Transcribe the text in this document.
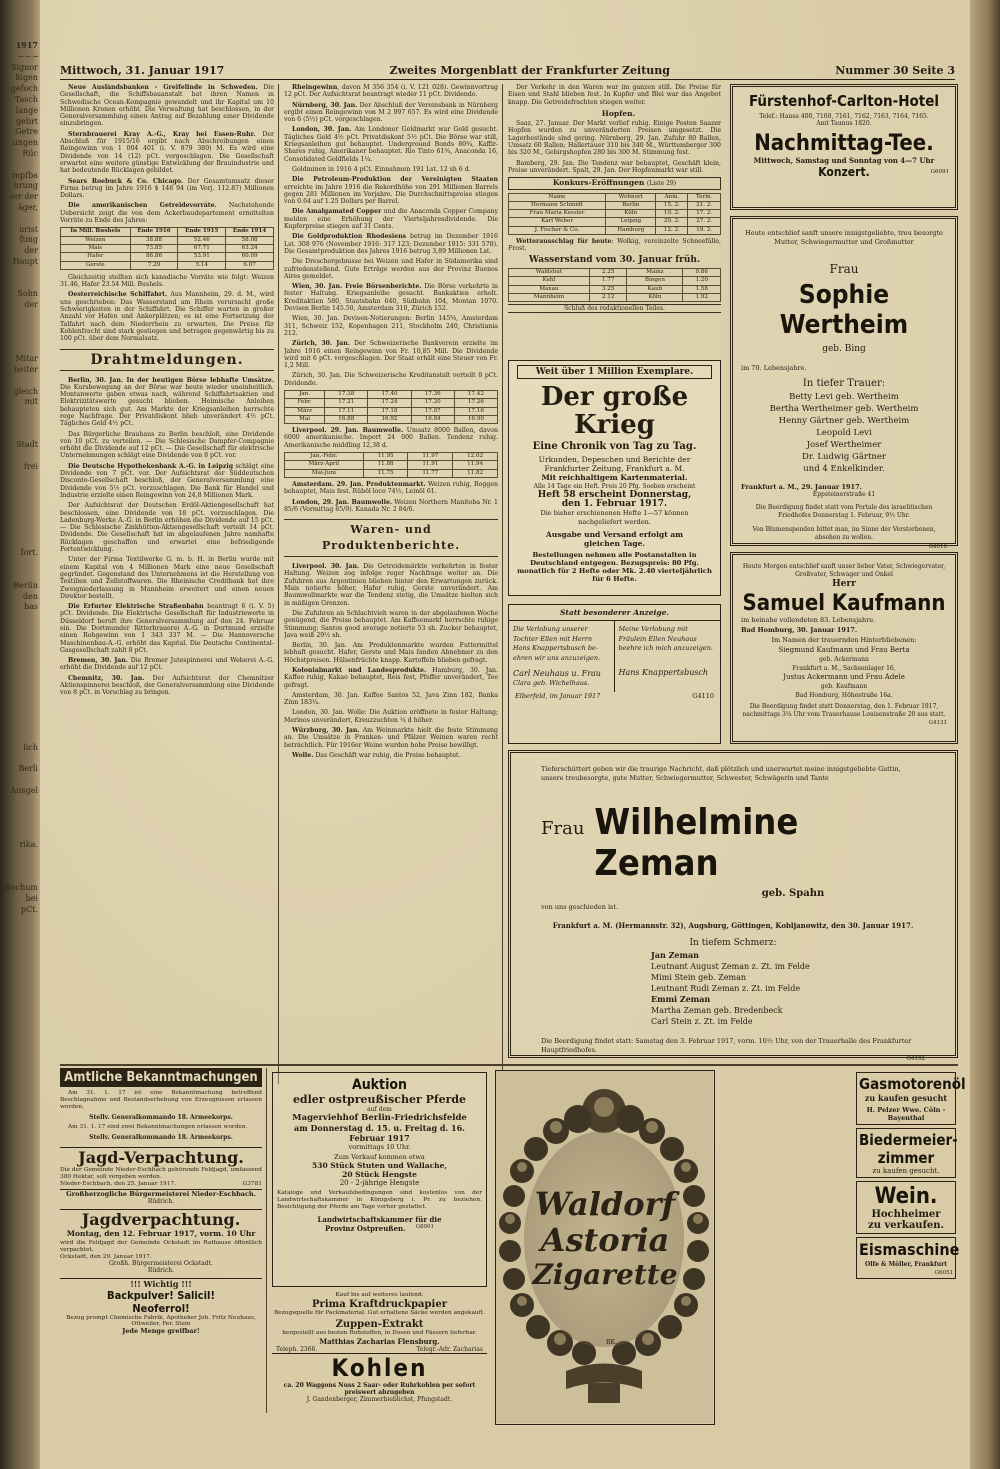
1917
─ ─ ─
Signor
ßigen
gefoch
Tasch
lange
gebrt
Getre
ungen
Rüc

mpfba
hrung
ser der
äger,

urist
fung
der
Haupt

Sohn
der

Mitar
beiter

gleich
mit

Stadt

frei

fort.

Berlin
den
bas

lich

Berli

Ausgel

rika.

Bochum
bei
pCt.
Mittwoch, 31. Januar 1917	Zweites Morgenblatt der Frankfurter Zeitung	Nummer 30 Seite 3

Neue Ausländsbanken - Greifelinde in Schweden. Die Gesellschaft, die Schiffsbauanstalt hat ihren Namen in Schwedische Ocean-Kompagnie gewandelt und ihr Kapital um 10 Millionen Kronen erhöht. Die Verwaltung hat beschlossen, in der Generalversammlung einen Antrag auf Bezahlung einer Dividende einzubringen.

Sternbrauerei Kray A.-G., Kray bei Essen-Ruhr. Der Abschluß für 1915/16 ergibt nach Abschreibungen einen Reingewinn von 1 004 401 (i. V. 879 380) M. Es wird eine Dividende von 14 (12) pCt. vorgeschlagen. Die Gesellschaft erwartet eine weitere günstige Entwicklung der Brauindustrie und hat bedeutende Rücklagen gebildet.

Sears Roebuck & Co. Chicago. Der Gesamtumsatz dieser Firma betrug im Jahre 1916 $ 146 94 (im Vorj. 112.87) Millionen Dollars.

Die amerikanischen Getreidevorräte. Nachstehende Uebersicht zeigt die von dem Ackerbaudepartement ermittelten Vorräte zu Ende des Jahres:

In Mill. Bushels	Ende 1916	Ende 1915	Ende 1914
Weizen	38.88	52.46	58.08
Mais	73.85	67.71	63.24
Hafer	86.86	53.91	60.09
Gerste	7.29	5.14	6.07

Gleichzeitig stellten sich kanadische Vorräte wie folgt: Weizen 31.46, Hafer 23.54 Mill. Bushels.

Oesterreichische Schiffahrt. Aus Mannheim, 29. d. M., wird uns geschrieben: Das Wasserstand am Rhein verursacht große Schwierigkeiten in der Schiffahrt. Die Schiffer warten in großer Anzahl vor Hafen und Ankerplätzen; es ist eine Fortsetzung der Talfahrt nach dem Niederrhein zu erwarten. Die Preise für Kohlenfracht sind stark gestiegen und betragen gegenwärtig bis zu 100 pCt. über dem Normalsatz.

Drahtmeldungen.

Berlin, 30. Jan. In der heutigen Börse lebhafte Umsätze. Die Kursbewegung an der Börse war heute wieder uneinheitlich. Montanwerte gaben etwas nach, während Schiffahrtsaktien und Elektrizitätswerte gesucht blieben. Heimische Anleihen behaupteten sich gut. Am Markte der Kriegsanleihen herrschte rege Nachfrage. Der Privatdiskont blieb unverändert 4½ pCt. Tägliches Geld 4½ pCt.

Das Bürgerliche Brauhaus zu Berlin beschloß, eine Dividende von 10 pCt. zu verteilen. — Die Schlesische Dampfer-Compagnie erhöht die Dividende auf 12 pCt. — Die Gesellschaft für elektrische Unternehmungen schlägt eine Dividende von 8 pCt. vor.

Die Deutsche Hypothekenbank A.-G. in Leipzig schlägt eine Dividende von 7 pCt. vor. Der Aufsichtsrat der Süddeutschen Disconto-Gesellschaft beschloß, der Generalversammlung eine Dividende von 5½ pCt. vorzuschlagen. Die Bank für Handel und Industrie erzielte einen Reingewinn von 24,8 Millionen Mark.

Der Aufsichtsrat der Deutschen Erdöl-Aktiengesellschaft hat beschlossen, eine Dividende von 18 pCt. vorzuschlagen. Die Ladenburg-Werke A.-G. in Berlin erhöhen die Dividende auf 15 pCt. — Die Schlesische Zinkhütten-Aktiengesellschaft verteilt 14 pCt. Dividende. Die Gesellschaft hat im abgelaufenen Jahre namhafte Rücklagen geschaffen und erwartet eine befriedigende Fortentwicklung.

Unter der Firma Textilwerke G. m. b. H. in Berlin wurde mit einem Kapital von 4 Millionen Mark eine neue Gesellschaft gegründet. Gegenstand des Unternehmens ist die Herstellung von Textilien und Zellstoffwaren. Die Rheinische Creditbank hat ihre Zweigniederlassung in Mannheim erweitert und einen neuen Direktor bestellt.

Die Erfurter Elektrische Straßenbahn beantragt 6 (i. V. 5) pCt. Dividende. Die Elektrische Gesellschaft für Industriewerte in Düsseldorf beruft ihre Generalversammlung auf den 24. Februar ein. Die Dortmunder Ritterbrauerei A.-G. in Dortmund erzielte einen Rohgewinn von 1 343 337 M. — Die Hannoversche Maschinenbau-A.-G. erhöht das Kapital. Die Deutsche Continental-Gasgesellschaft zahlt 8 pCt.

Bremen, 30. Jan. Die Bremer Jutespinnerei und Weberei A.-G. erhöht die Dividende auf 12 pCt.

Chemnitz, 30. Jan. Der Aufsichtsrat der Chemnitzer Aktienspinnerei beschloß, der Generalversammlung eine Dividende von 8 pCt. in Vorschlag zu bringen.

Rheingewinn, davon M 356 354 (i. V. 121 028). Gewinnvortrag 12 pCt. Der Aufsichtsrat beantragt wieder 11 pCt. Dividende.

Nürnberg, 30. Jan. Der Abschluß der Vereinsbank in Nürnberg ergibt einen Reingewinn von M 2 997 657. Es wird eine Dividende von 6 (5½) pCt. vorgeschlagen.

London, 30. Jan. Am Londoner Geldmarkt war Geld gesucht. Tägliches Geld 4½ pCt. Privatdiskont 5½ pCt. Die Börse war still, Kriegsanleihen gut behauptet. Underground Bonds 80¾, Kaffir-Shares ruhig, Amerikaner behauptet. Rio Tinto 61¾, Anaconda 16, Consolidated Goldfields 1¼.

Goldminen in 1916 4 pCt. Einnahmen 191 Lst. 12 sh 6 d.

Die Petroleum-Produktion der Vereinigten Staaten erreichte im Jahre 1916 die Rekordhöhe von 291 Millionen Barrels gegen 281 Millionen im Vorjahre. Die Durchschnittspreise stiegen von 0.64 auf 1.25 Dollars per Barrel.

Die Amalgamated Copper und die Anaconda Copper Company melden eine Erhöhung der Vierteljahresdividende. Die Kupferpreise stiegen auf 31 Cents.

Die Goldproduktion Rhodesiens betrug im Dezember 1916 Lst. 308 976 (November 1916: 317 123; Dezember 1915: 331 570). Die Gesamtproduktion des Jahres 1916 betrug 3,89 Millionen Lst.

Die Dreschergebnisse bei Weizen und Hafer in Südamerika sind zufriedenstellend. Gute Erträge werden aus der Provinz Buenos Aires gemeldet.

Wien, 30. Jan. Freie Börsenberichte. Die Börse verkehrte in fester Haltung. Kriegsanleihe gesucht. Bankaktien erholt. Kreditaktien 580, Staatsbahn 640, Südbahn 104, Montan 1070. Devisen Berlin 145.50, Amsterdam 310, Zürich 152.

Wien, 30. Jan. Devisen-Notierungen: Berlin 145⅝, Amsterdam 311, Schweiz 152, Kopenhagen 211, Stockholm 240, Christiania 212.

Zürich, 30. Jan. Der Schweizerische Bankverein erzielte im Jahre 1916 einen Reingewinn von Fr. 10,85 Mill. Die Dividende wird mit 6 pCt. vorgeschlagen. Der Staat erhält eine Steuer von Fr. 1,2 Mill.

Zürich, 30. Jan. Die Schweizerische Kreditanstalt verteilt 8 pCt. Dividende.

Jan.	17.38	17.40	17.36	17.42
Febr.	17.21	17.24	17.20	17.26
März	17.11	17.18	17.07	17.16
Mai	16.88	16.92	16.84	16.90

Liverpool. 29. Jan. Baumwolle. Umsatz 8000 Ballen, davon 6000 amerikanische. Import 24 000 Ballen. Tendenz ruhig. Amerikanische middling 12,38 d.

Jan.-Febr.	11.95	11.97	12.02
März-April	11.88	11.91	11.94
Mai-Juni	11.75	11.77	11.82

Amsterdam. 29. Jan. Produktenmarkt. Weizen ruhig, Roggen behauptet, Mais fest. Rüböl loco 74½, Leinöl 61.

London, 29. Jan. Baumwolle. Weizen Northern Manitoba Nr. 1 85/6 (Vormittag 85/9). Kanada Nr. 2 84/6.

Waren- und Produktenberichte.

Liverpool. 30. Jan. Die Getreidemärkte verkehrten in fester Haltung. Weizen zog infolge reger Nachfrage weiter an. Die Zufuhren aus Argentinien blieben hinter den Erwartungen zurück. Mais notierte höher, Hafer ruhig, Gerste unverändert. Am Baumwollmarkte war die Tendenz stetig, die Umsätze hielten sich in mäßigen Grenzen.

Die Zufuhren an Schlachtvieh waren in der abgelaufenen Woche genügend, die Preise behauptet. Am Kaffeemarkt herrschte ruhige Stimmung; Santos good average notierte 53 sh. Zucker behauptet, Java weiß 29½ sh.

Berlin, 30. Jan. Am Produktenmarkte wurden Futtermittel lebhaft gesucht. Hafer, Gerste und Mais fanden Abnehmer zu den Höchstpreisen. Hülsenfrüchte knapp. Kartoffeln blieben gefragt.

Kolonialmarkt und Landesprodukte. Hamburg, 30. Jan. Kaffee ruhig, Kakao behauptet, Reis fest, Pfeffer unverändert, Tee gefragt.

Amsterdam, 30. Jan. Kaffee Santos 52, Java Zinn 182, Banka Zinn 183¼.

London, 30. Jan. Wolle: Die Auktion eröffnete in fester Haltung; Merinos unverändert, Kreuzzuchten ¼ d höher.

Würzburg, 30. Jan. Am Weinmarkte hielt die feste Stimmung an. Die Umsätze in Franken- und Pfälzer Weinen waren recht beträchtlich. Für 1916er Weine wurden hohe Preise bewilligt.

Wolle. Das Geschäft war ruhig, die Preise behauptet.

Der Verkehr in den Waren war im ganzen still. Die Preise für Eisen und Stahl blieben fest. In Kupfer und Blei war das Angebot knapp. Die Getreidefrachten stiegen weiter.

Hopfen.

Saaz, 27. Januar. Der Markt verlief ruhig. Einige Posten Saazer Hopfen wurden zu unveränderten Preisen umgesetzt. Die Lagerbestände sind gering. Nürnberg, 29. Jan. Zufuhr 80 Ballen, Umsatz 60 Ballen; Hallertauer 310 bis 340 M., Württemberger 300 bis 320 M., Gebirgshopfen 280 bis 300 M. Stimmung fest.

Bamberg, 29. Jan. Die Tendenz war behauptet, Geschäft klein, Preise unverändert. Spalt, 29. Jan. Der Hopfenmarkt war still.

Konkurs-Eröffnungen (Liste 29)
Name	Wohnort	Anm.	Term.
Hermann Schmidt	Berlin	15. 2.	21. 2.
Frau Maria Kessler	Köln	10. 2.	17. 2.
Karl Weber	Leipzig	20. 2.	27. 2.
J. Fischer & Co.	Hamburg	12. 2.	19. 2.

Wetterausschlag für heute: Wolkig, vereinzelte Schneefälle, Frost.

Wasserstand vom 30. Januar früh.
Waldshut	2.25	Mainz	0.86
Kehl	1.77	Bingen	1.20
Maxau	3.25	Kaub	1.58
Mannheim	2.12	Köln	1.92
Schluß des redaktionellen Teiles.
Weit über 1 Million Exemplare.
Der große Krieg
Eine Chronik von Tag zu Tag.
Urkunden, Depeschen und Berichte der
Frankfurter Zeitung, Frankfurt a. M.
Mit reichhaltigem Kartenmaterial.
Alle 14 Tage ein Heft. Preis 20 Pfg. Soeben erscheint
Heft 58 erscheint Donnerstag,
den 1. Februar 1917.
Die bisher erschienenen Hefte 1—57 können
nachgeliefert werden.
Ausgabe und Versand erfolgt am
gleichen Tage.
Bestellungen nehmen alle Postanstalten in Deutschland entgegen. Bezugspreis: 80 Pfg. monatlich für 2 Hefte oder Mk. 2.40 vierteljährlich für 6 Hefte.
Statt besonderer Anzeige.
Die Verlobung unserer
Tochter Ellen mit Herrn
Hans Knappertsbusch be-
ehren wir uns anzuzeigen.
Carl Neuhaus u. Frau
Clara geb. Wichelhaus.
Meine Verlobung mit
Fräulein Ellen Neuhaus
beehre ich mich anzuzeigen.
Hans Knappertsbusch
Elberfeld, im Januar 1917	G4110
Fürstenhof-Carlton-Hotel
Telef.: Hansa 400, 7160, 7161, 7162, 7163, 7164, 7165.
Amt Taunus 1820.
Nachmittag-Tee.
Mittwoch, Samstag und Sonntag von 4—7 Uhr
Konzert.	G6091
Heute entschlief sanft unsere innigstgeliebte, treu besorgte Mutter, Schwiegermutter und Großmutter
Frau
Sophie Wertheim
geb. Bing
im 70. Lebensjahre.
In tiefer Trauer:
Betty Levi geb. Wertheim
Bertha Wertheimer geb. Wertheim
Henny Gärtner geb. Wertheim
Leopold Levi
Josef Wertheimer
Dr. Ludwig Gärtner
und 4 Enkelkinder.
Frankfurt a. M., 29. Januar 1917.
Eppsteinerstraße 41
Die Beerdigung findet statt vom Portale des israelitischen Friedhofes Donnerstag 1. Februar, 9½ Uhr.
Von Blumenspenden bittet man, im Sinne der Verstorbenen, absehen zu wollen.
G4016
Heute Morgen entschlief sanft unser lieber Vater, Schwiegervater, Großvater, Schwager und Onkel
Herr
Samuel Kaufmann
im beinahe vollendeten 83. Lebensjahre.
Bad Homburg, 30. Januar 1917.
Im Namen der trauernden Hinterbliebenen:
Siegmund Kaufmann und Frau Berta
geb. Ackermann
Frankfurt a. M., Sachsenlager 16,
Justus Ackermann und Frau Adele
geb. Kaufmann
Bad Homburg, Höhestraße 16a.
Die Beerdigung findet statt Donnerstag, den 1. Februar 1917, nachmittags 3¼ Uhr vom Trauerhause Louisenstraße 20 aus statt.
G4131
Tiefers​chüttert geben wir die traurige Nachricht, daß plötzlich und unerwartet meine innigstgeliebte Gattin, unsere treubesorgte, gute Mutter, Schwiegermutter, Schwester, Schwägerin und Tante
Frau Wilhelmine Zeman
geb. Spahn
von uns geschieden ist.
Frankfurt a. M. (Hermannstr. 32), Augsburg, Göttingen, Kobljanowitz, den 30. Januar 1917.
In tiefem Schmerz:
Jan Zeman
Leutnant August Zeman z. Zt. im Felde
Mimi Stein geb. Zeman
Leutnant Rudi Zeman z. Zt. im Felde
Emmi Zeman
Martha Zeman geb. Bredenbeck
Carl Stein z. Zt. im Felde
Die Beerdigung findet statt: Samstag den 3. Februar 1917, vorm. 10½ Uhr, von der Trauerhalle des Frankfurter Hauptfriedhofes.
G4192
Amtliche Bekanntmachungen

Am 31. 1. 17 ist eine Bekanntmachung betreffend Beschlagnahme und Bestandserhebung von Erzeugnissen erlassen worden.

Stellv. Generalkommando 18. Armeekorps.

Am 31. 1. 17 sind zwei Bekanntmachungen erlassen worden.

Stellv. Generalkommando 18. Armeekorps.
Jagd-Verpachtung.
Die der Gemeinde Nieder-Eschbach gehörende Feldjagd, umfassend 380 Hektar, soll vergeben werden.
Nieder-Eschbach, den 25. Januar 1917.	G3781
Großherzogliche Bürgermeisterei Nieder-Eschbach.
Rüdrich.
Jagdverpachtung.
Montag, den 12. Februar 1917, vorm. 10 Uhr
wird die Feldjagd der Gemeinde Ockstadt im Rathause öffentlich verpachtet.
Ockstadt, den 29. Januar 1917.
Großh. Bürgermeisterei Ockstadt.
Rüdrich.
!!! Wichtig !!!
Backpulver! Salicil!
Neoferrol!
Bezug prompt Chemische Fabrik, Apotheker Joh. Fritz Neuhaus, Ottweiler, Fer. Stein
Jede Menge greifbar!
Auktion
edler ostpreußischer Pferde
auf dem
Magerviehhof Berlin-Friedrichsfelde
am Donnerstag d. 15. u. Freitag d. 16. Februar 1917
vormittags 10 Uhr.
Zum Verkauf kommen etwa
530 Stück Stuten und Wallache,
20 Stück Hengste
20 - 2-jährige Hengste
Kataloge und Verkaufsbedingungen sind kostenlos von der Landwirtschaftskammer in Königsberg i. Pr. zu beziehen. Besichtigung der Pferde am Tage vorher gestattet.
Landwirtschaftskammer für die
Provinz Ostpreußen. G8001
Kauf bis auf weiteres laufend:
Prima Kraftdruckpapier
Bezugsquelle für Packmaterial. Gut erhaltene Säcke werden angekauft.
Zuppen-Extrakt
hergestellt aus besten Rohstoffen, in Dosen und Fässern lieferbar.
Matthias Zacharias Flensburg.
Teleph. 2366.	Telegr.-Adr. Zacharias
Kohlen
ca. 20 Waggons Nuss 2 Saar- oder Ruhrkohlen per sofort preiswert abzugeben
J. Gandenberger, Zimmerbieblichst, Pfungstadt.
Waldorf
Astoria
Zigarette
RK.
Gasmotorenöl
zu kaufen gesucht
H. Pelzer Wwe. Cöln - Bayenthal
Biedermeier-
zimmer
zu kaufen gesucht.
Wein.
Hochheimer
zu verkaufen.
Eismaschine
Olfe & Möller, Frankfurt
G6051
